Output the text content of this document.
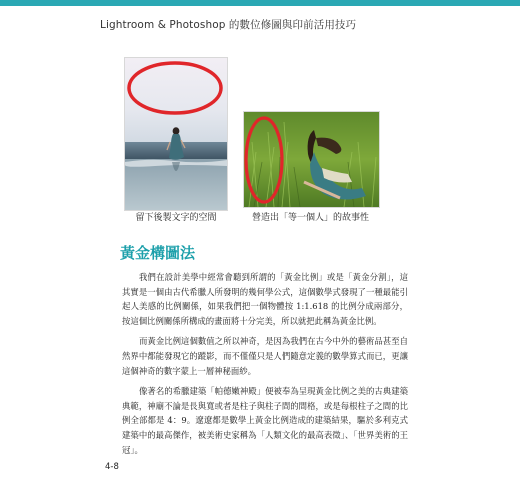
Lightroom & Photoshop 的數位修圖與印前活用技巧
留下後製文字的空間	營造出「等一個人」的故事性
黃金構圖法

我們在設計美學中經常會聽到所謂的「黃金比例」或是「黃金分割」，這其實是一個由古代希臘人所發明的幾何學公式，這個數學式發現了一種最能引起人美感的比例關係，如果我們把一個物體按 1:1.618 的比例分成兩部分，按這個比例關係所構成的畫面將十分完美，所以就把此稱為黃金比例。

而黃金比例這個數值之所以神奇，是因為我們在古今中外的藝術品甚至自然界中都能發現它的蹤影，而不僅僅只是人們隨意定義的數學算式而已，更讓這個神奇的數字蒙上一層神秘面紗。

像著名的希臘建築「帕德嫩神殿」便被奉為呈現黃金比例之美的古典建築典範，神廟不論是長與寬或者是柱子與柱子間的間格，或是每根柱子之間的比例全部都是 4：9。遼遼都是數學上黃金比例造成的建築結果，驅於多利克式建築中的最高傑作，被美術史家稱為「人類文化的最高表徵」、「世界美術的王冠」。

4-8
